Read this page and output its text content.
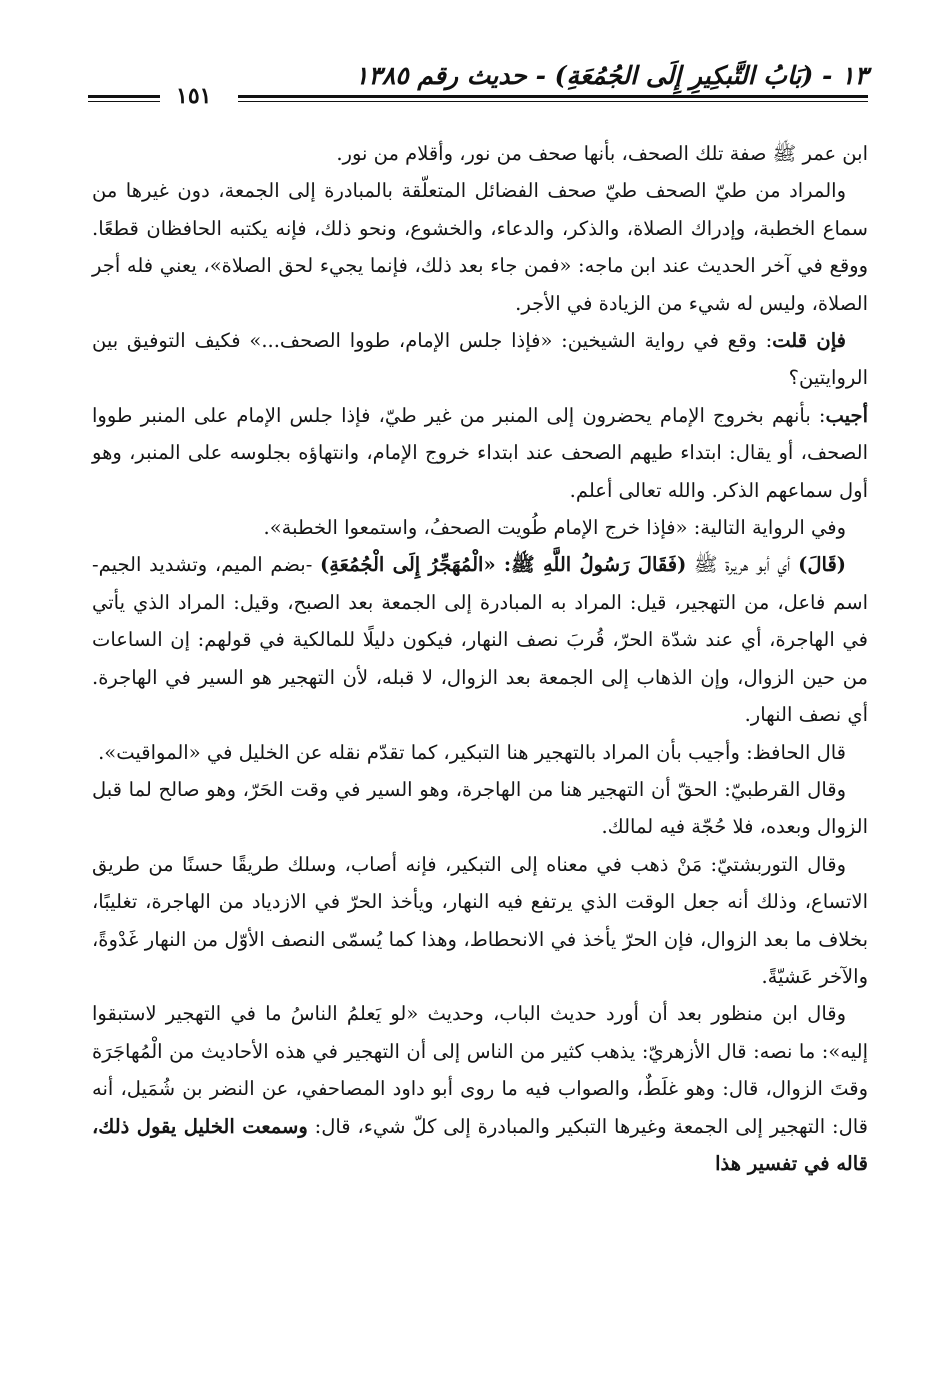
١٣ - (بَابُ التَّبكِيرِ إِلَى الجُمُعَةِ) - حديث رقم ١٣٨٥
١٥١

ابن عمر ﷺ صفة تلك الصحف، بأنها صحف من نور، وأقلام من نور.

والمراد من طيّ الصحف طيّ صحف الفضائل المتعلّقة بالمبادرة إلى الجمعة، دون غيرها من سماع الخطبة، وإدراك الصلاة، والذكر، والدعاء، والخشوع، ونحو ذلك، فإنه يكتبه الحافظان قطعًا. ووقع في آخر الحديث عند ابن ماجه: «فمن جاء بعد ذلك، فإنما يجيء لحق الصلاة»، يعني فله أجر الصلاة، وليس له شيء من الزيادة في الأجر.

فإن قلت: وقع في رواية الشيخين: «فإذا جلس الإمام، طووا الصحف...» فكيف التوفيق بين الروايتين؟

أجيب: بأنهم بخروج الإمام يحضرون إلى المنبر من غير طيّ، فإذا جلس الإمام على المنبر طووا الصحف، أو يقال: ابتداء طيهم الصحف عند ابتداء خروج الإمام، وانتهاؤه بجلوسه على المنبر، وهو أول سماعهم الذكر. والله تعالى أعلم.

وفي الرواية التالية: «فإذا خرج الإمام طُويت الصحفُ، واستمعوا الخطبة».

(قَالَ) أي أبو هريرة ﷺ (فَقَالَ رَسُولُ اللَّهِ ﷺ: «الْمُهَجِّرُ إِلَى الْجُمُعَةِ) -بضم الميم، وتشديد الجيم- اسم فاعل، من التهجير، قيل: المراد به المبادرة إلى الجمعة بعد الصبح، وقيل: المراد الذي يأتي في الهاجرة، أي عند شدّة الحرّ، قُربَ نصف النهار، فيكون دليلًا للمالكية في قولهم: إن الساعات من حين الزوال، وإن الذهاب إلى الجمعة بعد الزوال، لا قبله، لأن التهجير هو السير في الهاجرة. أي نصف النهار.

قال الحافظ: وأجيب بأن المراد بالتهجير هنا التبكير، كما تقدّم نقله عن الخليل في «المواقيت».

وقال القرطبيّ: الحقّ أن التهجير هنا من الهاجرة، وهو السير في وقت الحَرّ، وهو صالح لما قبل الزوال وبعده، فلا حُجّة فيه لمالك.

وقال التوربشتيّ: مَنْ ذهب في معناه إلى التبكير، فإنه أصاب، وسلك طريقًا حسنًا من طريق الاتساع، وذلك أنه جعل الوقت الذي يرتفع فيه النهار، ويأخذ الحرّ في الازدياد من الهاجرة، تغليبًا، بخلاف ما بعد الزوال، فإن الحرّ يأخذ في الانحطاط، وهذا كما يُسمّى النصف الأوّل من النهار غَدْوةً، والآخر عَشيّةً.

وقال ابن منظور بعد أن أورد حديث الباب، وحديث «لو يَعلمُ الناسُ ما في التهجير لاستبقوا إليه»: ما نصه: قال الأزهريّ: يذهب كثير من الناس إلى أن التهجير في هذه الأحاديث من الْمُهاجَرَة وقتَ الزوال، قال: وهو غلَطٌ، والصواب فيه ما روى أبو داود المصاحفي، عن النضر بن شُمَيل، أنه قال: التهجير إلى الجمعة وغيرها التبكير والمبادرة إلى كلّ شيء، قال: وسمعت الخليل يقول ذلك، قاله في تفسير هذا
